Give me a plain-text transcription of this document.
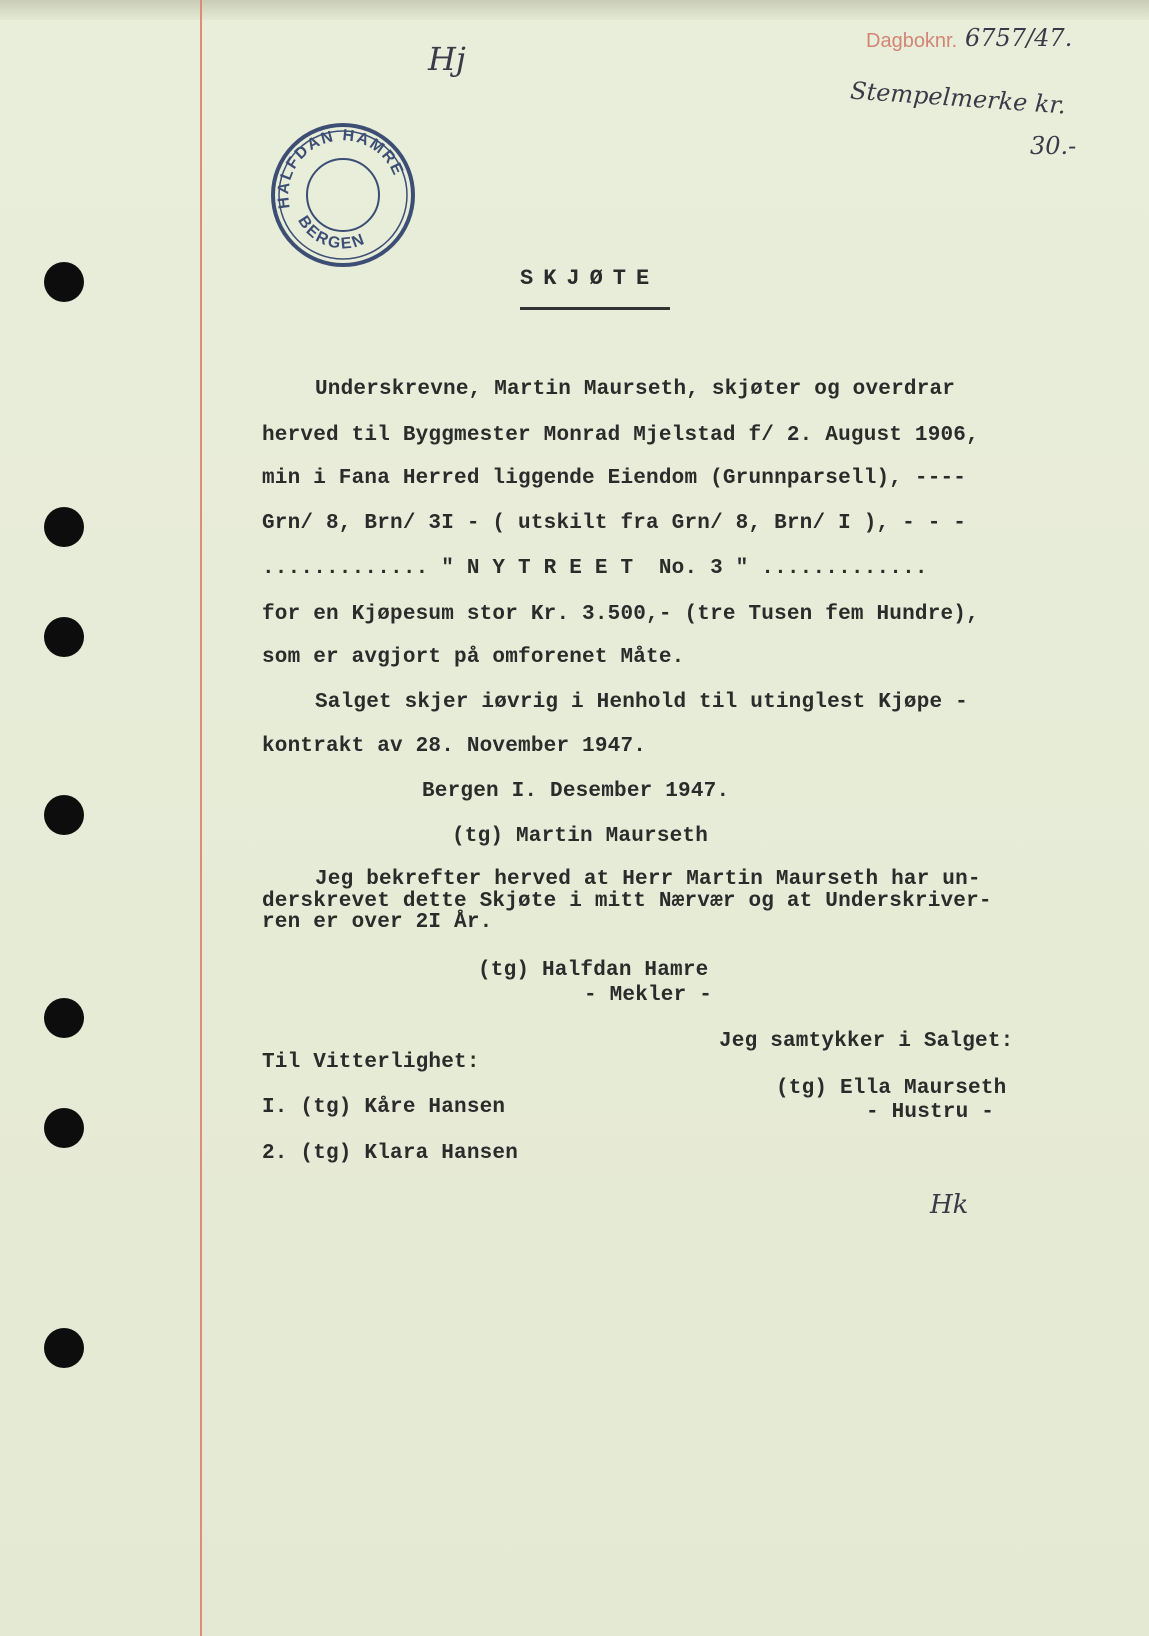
Dagboknr. 6757/47.
Hj
Stempelmerke kr.
30.-
HALFDAN HAMRE
BERGEN
SKJØTE
Underskrevne, Martin Maurseth, skjøter og overdrar
herved til Byggmester Monrad Mjelstad f/ 2. August 1906,
min i Fana Herred liggende Eiendom (Grunnparsell), ----
Grn/ 8, Brn/ 3I - ( utskilt fra Grn/ 8, Brn/ I ), - - -
............. " N Y T R E E T  No. 3 " .............
for en Kjøpesum stor Kr. 3.500,- (tre Tusen fem Hundre),
som er avgjort på omforenet Måte.
Salget skjer iøvrig i Henhold til utinglest Kjøpe -
kontrakt av 28. November 1947.
Bergen I. Desember 1947.
(tg) Martin Maurseth
Jeg bekrefter herved at Herr Martin Maurseth har un-
derskrevet dette Skjøte i mitt Nærvær og at Underskriver-
ren er over 2I År.
(tg) Halfdan Hamre
- Mekler -
Jeg samtykker i Salget:
(tg) Ella Maurseth
- Hustru -
Til Vitterlighet:
I. (tg) Kåre Hansen
2. (tg) Klara Hansen
Hk
